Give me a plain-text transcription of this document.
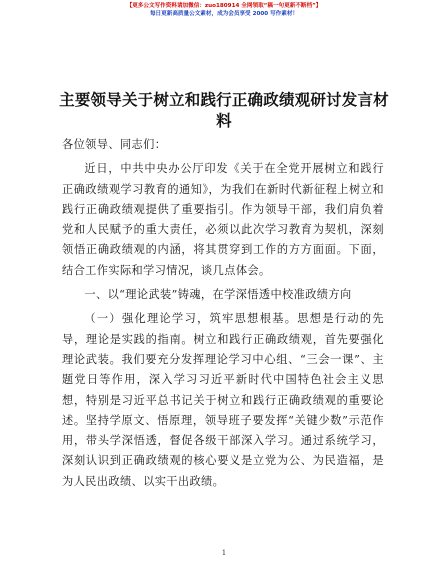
【更多公文写作资料请加微信：zuo180914 全网领取“稿一句更新不断档”】
每日更新高质量公文素材，成为会员享受 2000 写作素材！
主要领导关于树立和践行正确政绩观研讨发言材料

各位领导、同志们：

近日，中共中央办公厅印发《关于在全党开展树立和践行正确政绩观学习教育的通知》，为我们在新时代新征程上树立和践行正确政绩观提供了重要指引。作为领导干部，我们肩负着党和人民赋予的重大责任，必须以此次学习教育为契机，深刻领悟正确政绩观的内涵，将其贯穿到工作的方方面面。下面，结合工作实际和学习情况，谈几点体会。

一、以“理论武装”铸魂，在学深悟透中校准政绩方向

（一）强化理论学习，筑牢思想根基。思想是行动的先导，理论是实践的指南。树立和践行正确政绩观，首先要强化理论武装。我们要充分发挥理论学习中心组、“三会一课”、主题党日等作用，深入学习习近平新时代中国特色社会主义思想，特别是习近平总书记关于树立和践行正确政绩观的重要论述。坚持学原文、悟原理，领导班子要发挥“关键少数”示范作用，带头学深悟透，督促各级干部深入学习。通过系统学习，深刻认识到正确政绩观的核心要义是立党为公、为民造福，是为人民出政绩、以实干出政绩。

1
